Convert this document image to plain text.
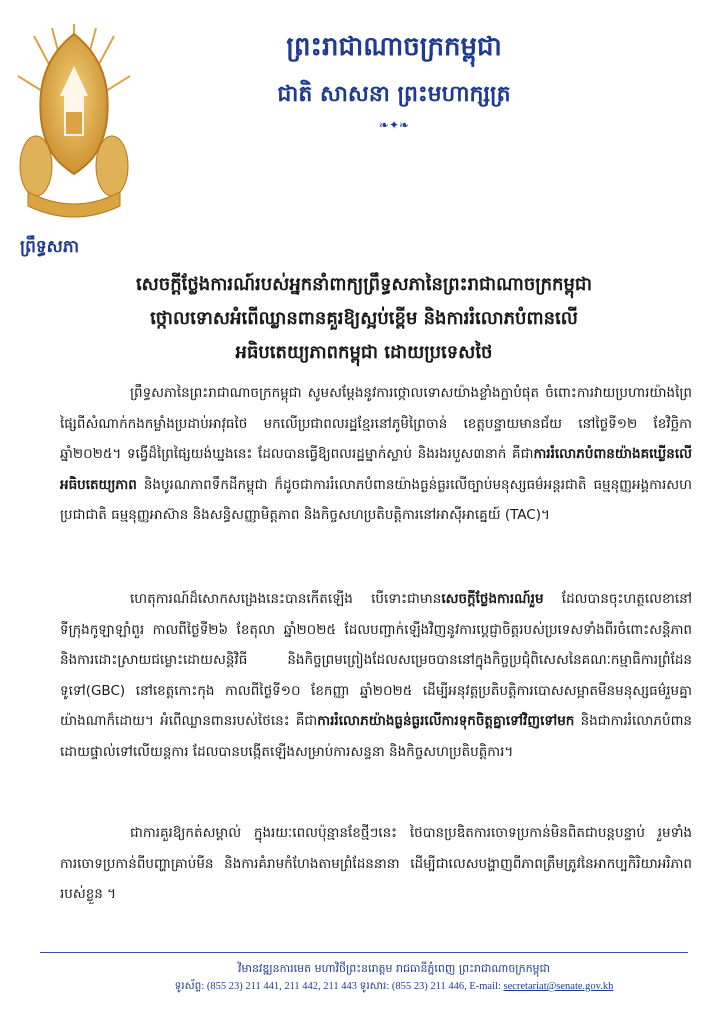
ព្រឹទ្ធសភា
ព្រះរាជាណាចក្រកម្ពុជា
ជាតិ សាសនា ព្រះមហាក្សត្រ
❧✦❧
សេចក្តីថ្លែងការណ៍របស់អ្នកនាំពាក្យព្រឹទ្ធសភានៃព្រះរាជាណាចក្រកម្ពុជា
ថ្កោលទោសអំពើឈ្លានពានគួរឱ្យស្អប់ខ្ពើម និងការរំលោភបំពានលើ
អធិបតេយ្យភាពកម្ពុជា ដោយប្រទេសថៃ
ព្រឹទ្ធសភានៃព្រះរាជាណាចក្រកម្ពុជា សូមសម្តែងនូវការថ្កោលទោសយ៉ាងខ្លាំងក្លាបំផុត ចំពោះការវាយប្រហារយ៉ាងព្រៃផ្សៃពីសំណាក់កងកម្លាំងប្រដាប់អាវុធថៃ មកលើប្រជាពលរដ្ឋខ្មែរនៅភូមិព្រៃចាន់ ខេត្តបន្ទាយមានជ័យ នៅថ្ងៃទី១២ ខែវិច្ឆិកា ឆ្នាំ២០២៥។ ទង្វើដ៏ព្រៃផ្សៃយង់ឃ្នងនេះ ដែលបានធ្វើឱ្យពលរដ្ឋម្នាក់ស្លាប់ និងរងរបួស៣នាក់ គឺជាការរំលោភបំពានយ៉ាងគឃ្លើនលើអធិបតេយ្យភាព និងបូរណភាពទឹកដីកម្ពុជា ក៏ដូចជាការរំលោភបំពានយ៉ាងធ្ងន់ធ្ងរលើច្បាប់មនុស្សធម៌អន្តរជាតិ ធម្មនុញ្ញអង្គការសហប្រជាជាតិ ធម្មនុញ្ញអាស៊ាន និងសន្ធិសញ្ញាមិត្តភាព និងកិច្ចសហប្រតិបត្តិការនៅអាស៊ីអាគ្នេយ៍ (TAC)។
ហេតុការណ៍ដ៏សោកសង្រេងនេះបានកើតឡើង បើទោះជាមានសេចក្តីថ្លែងការណ៍រួម ដែលបានចុះហត្ថលេខានៅទីក្រុងកូឡាឡាំពួរ កាលពីថ្ងៃទី២៦ ខែតុលា ឆ្នាំ២០២៥ ដែលបញ្ជាក់ឡើងវិញនូវការប្តេជ្ញាចិត្តរបស់ប្រទេសទាំងពីរចំពោះសន្តិភាព និងការដោះស្រាយជម្លោះដោយសន្តិវិធី និងកិច្ចព្រមព្រៀងដែលសម្រេចបាននៅក្នុងកិច្ចប្រជុំពិសេសនៃគណៈកម្មាធិការព្រំដែនទូទៅ(GBC) នៅខេត្តកោះកុង កាលពីថ្ងៃទី១០ ខែកញ្ញា ឆ្នាំ២០២៥ ដើម្បីអនុវត្តប្រតិបត្តិការបោសសម្អាតមីនមនុស្សធម៌រួមគ្នាយ៉ាងណាក៏ដោយ។ អំពើឈ្លានពានរបស់ថៃនេះ គឺជាការរំលោភយ៉ាងធ្ងន់ធ្ងរលើការទុកចិត្តគ្នាទៅវិញទៅមក និងជាការរំលោភបំពានដោយផ្ទាល់ទៅលើយន្តការ ដែលបានបង្កើតឡើងសម្រាប់ការសន្ទនា និងកិច្ចសហប្រតិបត្តិការ។
ជាការគួរឱ្យកត់សម្គាល់ ក្នុងរយៈពេលប៉ុន្មានខែថ្មីៗនេះ ថៃបានប្រឌិតការចោទប្រកាន់មិនពិតជាបន្តបន្ទាប់ រួមទាំងការចោទប្រកាន់ពីបញ្ហាគ្រាប់មីន និងការគំរាមកំហែងតាមព្រំដែននានា ដើម្បីជាលេសបង្ហាញពីភាពត្រឹមត្រូវនៃអាកប្បកិរិយាអរិភាពរបស់ខ្លួន ។
វិមានវឌ្ឍនការមេត មហាវិថីព្រះនរោត្តម រាជធានីភ្នំពេញ ព្រះរាជាណាចក្រកម្ពុជា
ទូរស័ព្ទ: (855 23) 211 441, 211 442, 211 443 ទូរសារ: (855 23) 211 446, E-mail: secretariat@senate.gov.kh
